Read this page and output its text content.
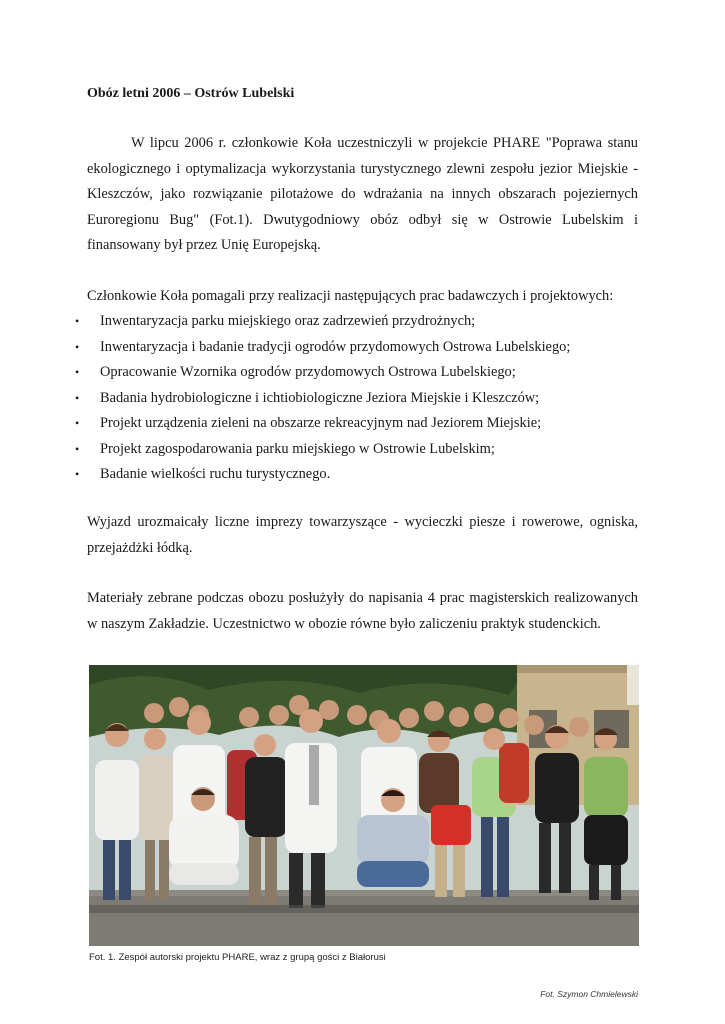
Obóz letni 2006 – Ostrów Lubelski

W lipcu 2006 r. członkowie Koła uczestniczyli w projekcie PHARE "Poprawa stanu ekologicznego i optymalizacja wykorzystania turystycznego zlewni zespołu jezior Miejskie - Kleszczów, jako rozwiązanie pilotażowe do wdrażania na innych obszarach pojeziernych Euroregionu Bug" (Fot.1). Dwutygodniowy obóz odbył się w Ostrowie Lubelskim i finansowany był przez Unię Europejską.

Członkowie Koła pomagali przy realizacji następujących prac badawczych i projektowych:

• Inwentaryzacja parku miejskiego oraz zadrzewień przydrożnych;
• Inwentaryzacja i badanie tradycji ogrodów przydomowych Ostrowa Lubelskiego;
• Opracowanie Wzornika ogrodów przydomowych Ostrowa Lubelskiego;
• Badania hydrobiologiczne i ichtiobiologiczne Jeziora Miejskie i Kleszczów;
• Projekt urządzenia zieleni na obszarze rekreacyjnym nad Jeziorem Miejskie;
• Projekt zagospodarowania parku miejskiego w Ostrowie Lubelskim;
• Badanie wielkości ruchu turystycznego.

Wyjazd urozmaicały liczne imprezy towarzyszące - wycieczki piesze i rowerowe, ogniska, przejażdżki łódką.

Materiały zebrane podczas obozu posłużyły do napisania 4 prac magisterskich realizowanych w naszym Zakładzie. Uczestnictwo w obozie równe było zaliczeniu praktyk studenckich.

Fot. 1. Zespół autorski projektu PHARE, wraz z grupą gości z Białorusi

Fot. Szymon Chmielewski
